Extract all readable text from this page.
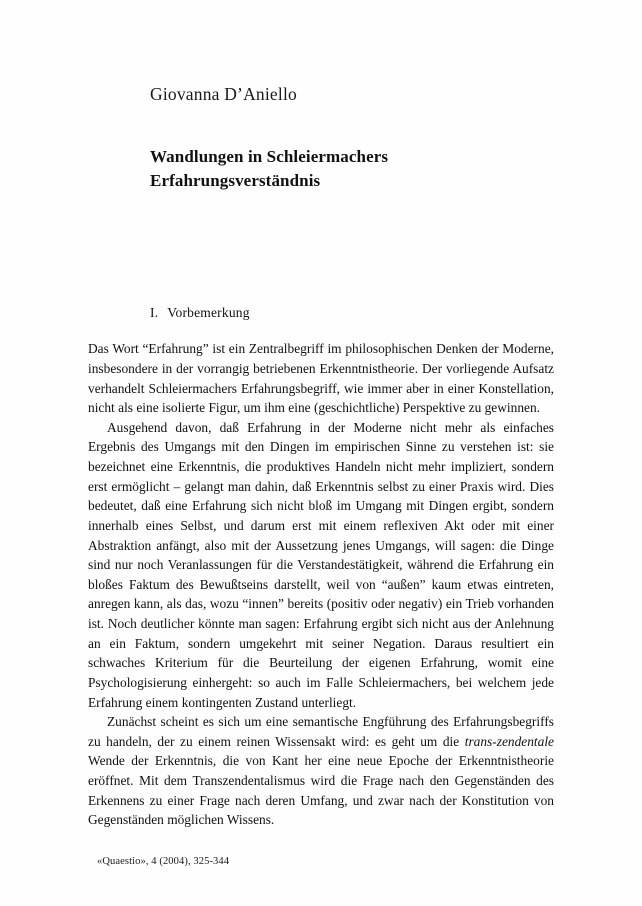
Giovanna D’Aniello
Wandlungen in Schleiermachers
Erfahrungsverständnis
I. Vorbemerkung

Das Wort “Erfahrung” ist ein Zentralbegriff im philosophischen Denken der Moderne, insbesondere in der vorrangig betriebenen Erkenntnistheorie. Der vorliegende Aufsatz verhandelt Schleiermachers Erfahrungsbegriff, wie immer aber in einer Konstellation, nicht als eine isolierte Figur, um ihm eine (geschichtliche) Perspektive zu gewinnen.

Ausgehend davon, daß Erfahrung in der Moderne nicht mehr als einfaches Ergebnis des Umgangs mit den Dingen im empirischen Sinne zu verstehen ist: sie bezeichnet eine Erkenntnis, die produktives Handeln nicht mehr impliziert, sondern erst ermöglicht – gelangt man dahin, daß Erkenntnis selbst zu einer Praxis wird. Dies bedeutet, daß eine Erfahrung sich nicht bloß im Umgang mit Dingen ergibt, sondern innerhalb eines Selbst, und darum erst mit einem reflexiven Akt oder mit einer Abstraktion anfängt, also mit der Aussetzung jenes Umgangs, will sagen: die Dinge sind nur noch Veranlassungen für die Verstandestätigkeit, während die Erfahrung ein bloßes Faktum des Bewußtseins darstellt, weil von “außen” kaum etwas eintreten, anregen kann, als das, wozu “innen” bereits (positiv oder negativ) ein Trieb vorhanden ist. Noch deutlicher könnte man sagen: Erfahrung ergibt sich nicht aus der Anlehnung an ein Faktum, sondern umgekehrt mit seiner Negation. Daraus resultiert ein schwaches Kriterium für die Beurteilung der eigenen Erfahrung, womit eine Psychologisierung einhergeht: so auch im Falle Schleiermachers, bei welchem jede Erfahrung einem kontingenten Zustand unterliegt.

Zunächst scheint es sich um eine semantische Engführung des Erfahrungsbegriffs zu handeln, der zu einem reinen Wissensakt wird: es geht um die trans-zendentale Wende der Erkenntnis, die von Kant her eine neue Epoche der Erkenntnistheorie eröffnet. Mit dem Transzendentalismus wird die Frage nach den Gegenständen des Erkennens zu einer Frage nach deren Umfang, und zwar nach der Konstitution von Gegenständen möglichen Wissens.

«Quaestio», 4 (2004), 325-344
